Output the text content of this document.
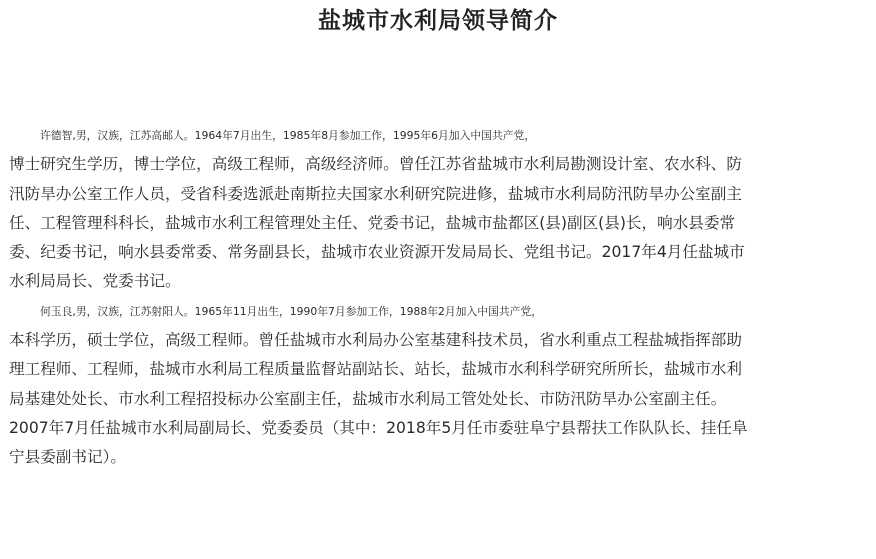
盐城市水利局领导简介

许德智,男，汉族，江苏高邮人。1964年7月出生，1985年8月参加工作，1995年6月加入中国共产党，
博士研究生学历，博士学位，高级工程师，高级经济师。曾任江苏省盐城市水利局勘测设计室、农水科、防
汛防旱办公室工作人员，受省科委选派赴南斯拉夫国家水利研究院进修，盐城市水利局防汛防旱办公室副主
任、工程管理科科长，盐城市水利工程管理处主任、党委书记，盐城市盐都区(县)副区(县)长，响水县委常
委、纪委书记，响水县委常委、常务副县长，盐城市农业资源开发局局长、党组书记。2017年4月任盐城市
水利局局长、党委书记。

何玉良,男，汉族，江苏射阳人。1965年11月出生，1990年7月参加工作，1988年2月加入中国共产党，
本科学历，硕士学位，高级工程师。曾任盐城市水利局办公室基建科技术员，省水利重点工程盐城指挥部助
理工程师、工程师，盐城市水利局工程质量监督站副站长、站长，盐城市水利科学研究所所长，盐城市水利
局基建处处长、市水利工程招投标办公室副主任，盐城市水利局工管处处长、市防汛防旱办公室副主任。
2007年7月任盐城市水利局副局长、党委委员（其中：2018年5月任市委驻阜宁县帮扶工作队队长、挂任阜
宁县委副书记）。
